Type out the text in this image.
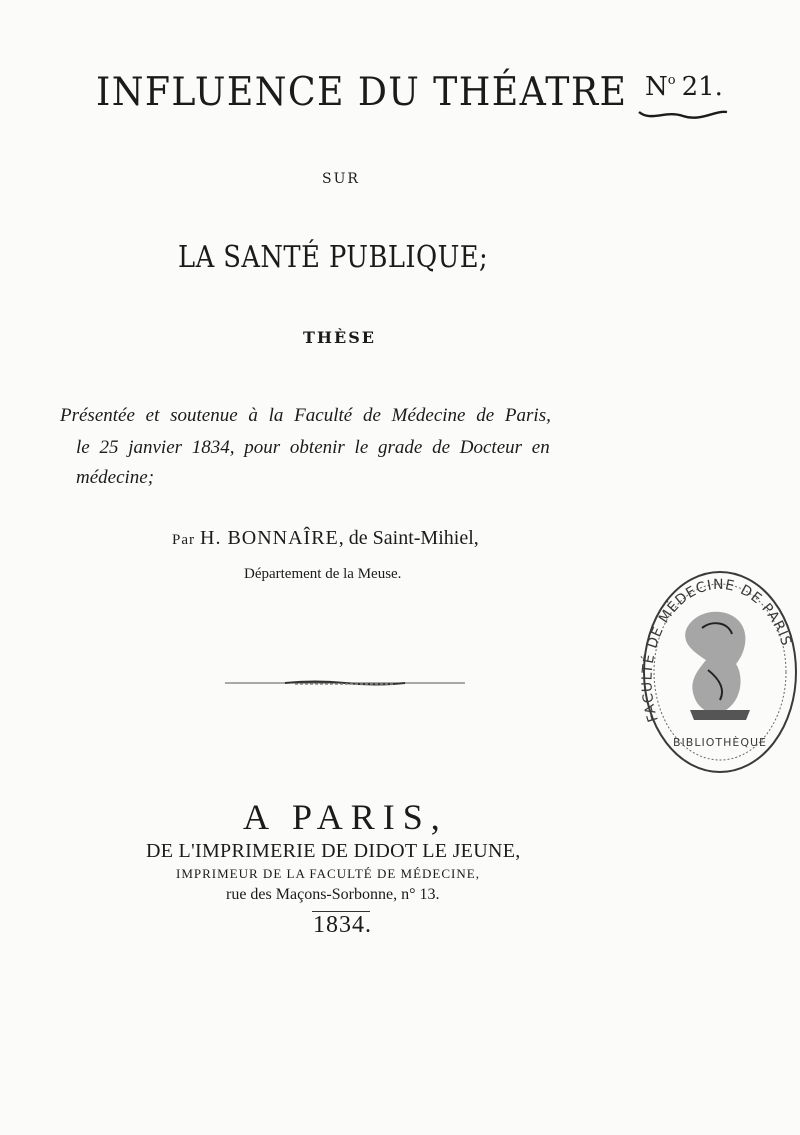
INFLUENCE DU THÉATRE $N^o$ 21.
SUR
LA SANTÉ PUBLIQUE;
THÈSE
Présentée et soutenue à la Faculté de Médecine de Paris,
le 25 janvier 1834, pour obtenir le grade de Docteur en
médecine;
Par H. BONNAÎRE, de Saint-Mihiel,
Département de la Meuse.
A PARIS,
DE L'IMPRIMERIE DE DIDOT LE JEUNE,
IMPRIMEUR DE LA FACULTÉ DE MÉDECINE,
rue des Maçons-Sorbonne, n° 13.
1834.
FACULTÉ DE MÉDECINE DE PARIS
BIBLIOTHÈQUE
